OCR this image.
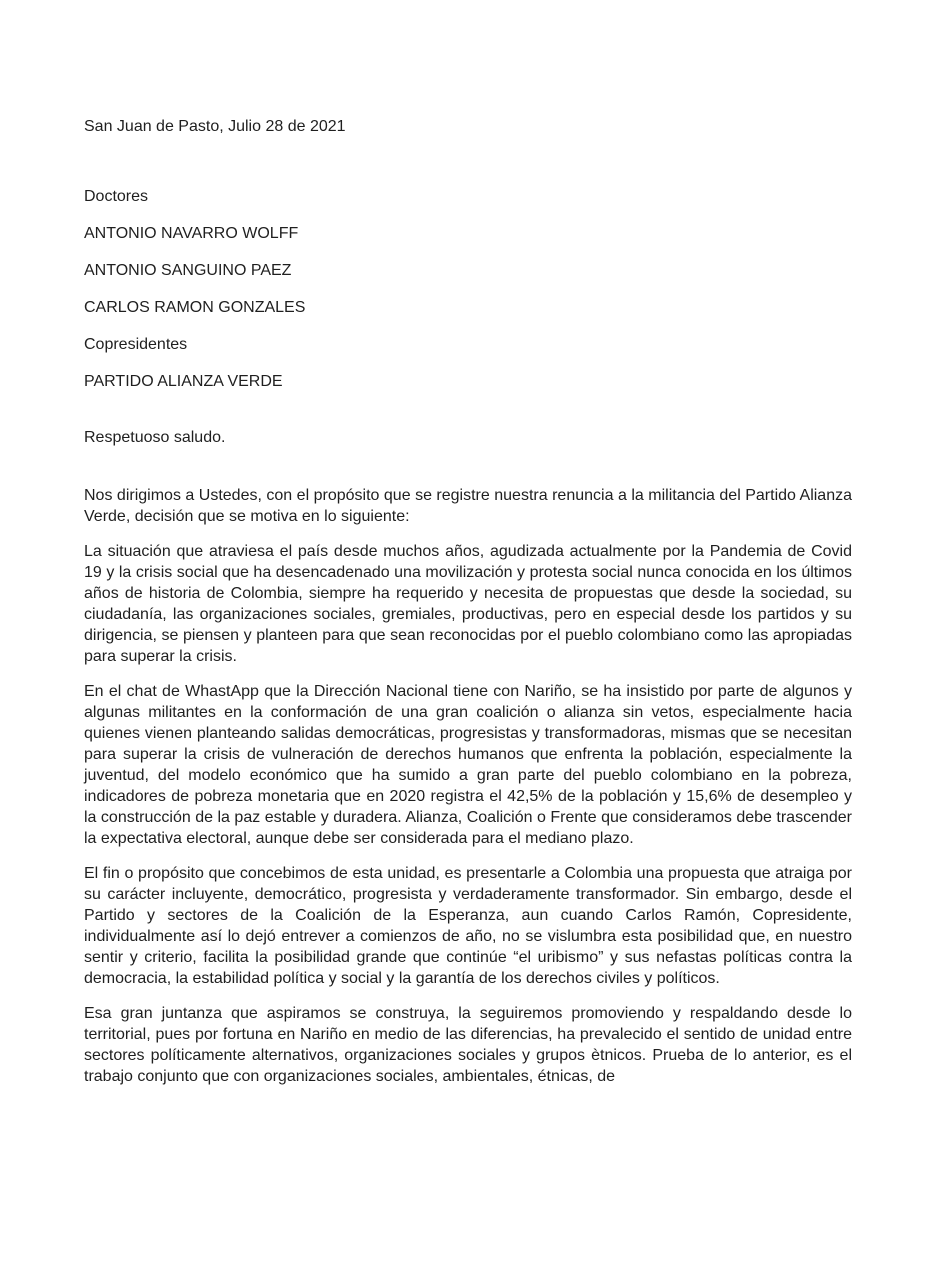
San Juan de Pasto, Julio 28 de 2021
Doctores
ANTONIO NAVARRO WOLFF
ANTONIO SANGUINO PAEZ
CARLOS RAMON GONZALES
Copresidentes
PARTIDO ALIANZA VERDE
Respetuoso saludo.

Nos dirigimos a Ustedes, con el propósito que se registre nuestra renuncia a la militancia del Partido Alianza Verde, decisión que se motiva en lo siguiente:

La situación que atraviesa el país desde muchos años, agudizada actualmente por la Pandemia de Covid 19 y la crisis social que ha desencadenado una movilización y protesta social nunca conocida en los últimos años de historia de Colombia, siempre ha requerido y necesita de propuestas que desde la sociedad, su ciudadanía, las organizaciones sociales, gremiales, productivas, pero en especial desde los partidos y su dirigencia, se piensen y planteen para que sean reconocidas por el pueblo colombiano como las apropiadas para superar la crisis.

En el chat de WhastApp que la Dirección Nacional tiene con Nariño, se ha insistido por parte de algunos y algunas militantes en la conformación de una gran coalición o alianza sin vetos, especialmente hacia quienes vienen planteando salidas democráticas, progresistas y transformadoras, mismas que se necesitan para superar la crisis de vulneración de derechos humanos que enfrenta la población, especialmente la juventud, del modelo económico que ha sumido a gran parte del pueblo colombiano en la pobreza, indicadores de pobreza monetaria que en 2020 registra el 42,5% de la población y 15,6% de desempleo y la construcción de la paz estable y duradera. Alianza, Coalición o Frente que consideramos debe trascender la expectativa electoral, aunque debe ser considerada para el mediano plazo.

El fin o propósito que concebimos de esta unidad, es presentarle a Colombia una propuesta que atraiga por su carácter incluyente, democrático, progresista y verdaderamente transformador. Sin embargo, desde el Partido y sectores de la Coalición de la Esperanza, aun cuando Carlos Ramón, Copresidente, individualmente así lo dejó entrever a comienzos de año, no se vislumbra esta posibilidad que, en nuestro sentir y criterio, facilita la posibilidad grande que continúe “el uribismo” y sus nefastas políticas contra la democracia, la estabilidad política y social y la garantía de los derechos civiles y políticos.

Esa gran juntanza que aspiramos se construya, la seguiremos promoviendo y respaldando desde lo territorial, pues por fortuna en Nariño en medio de las diferencias, ha prevalecido el sentido de unidad entre sectores políticamente alternativos, organizaciones sociales y grupos ètnicos. Prueba de lo anterior, es el trabajo conjunto que con organizaciones sociales, ambientales, étnicas, de
